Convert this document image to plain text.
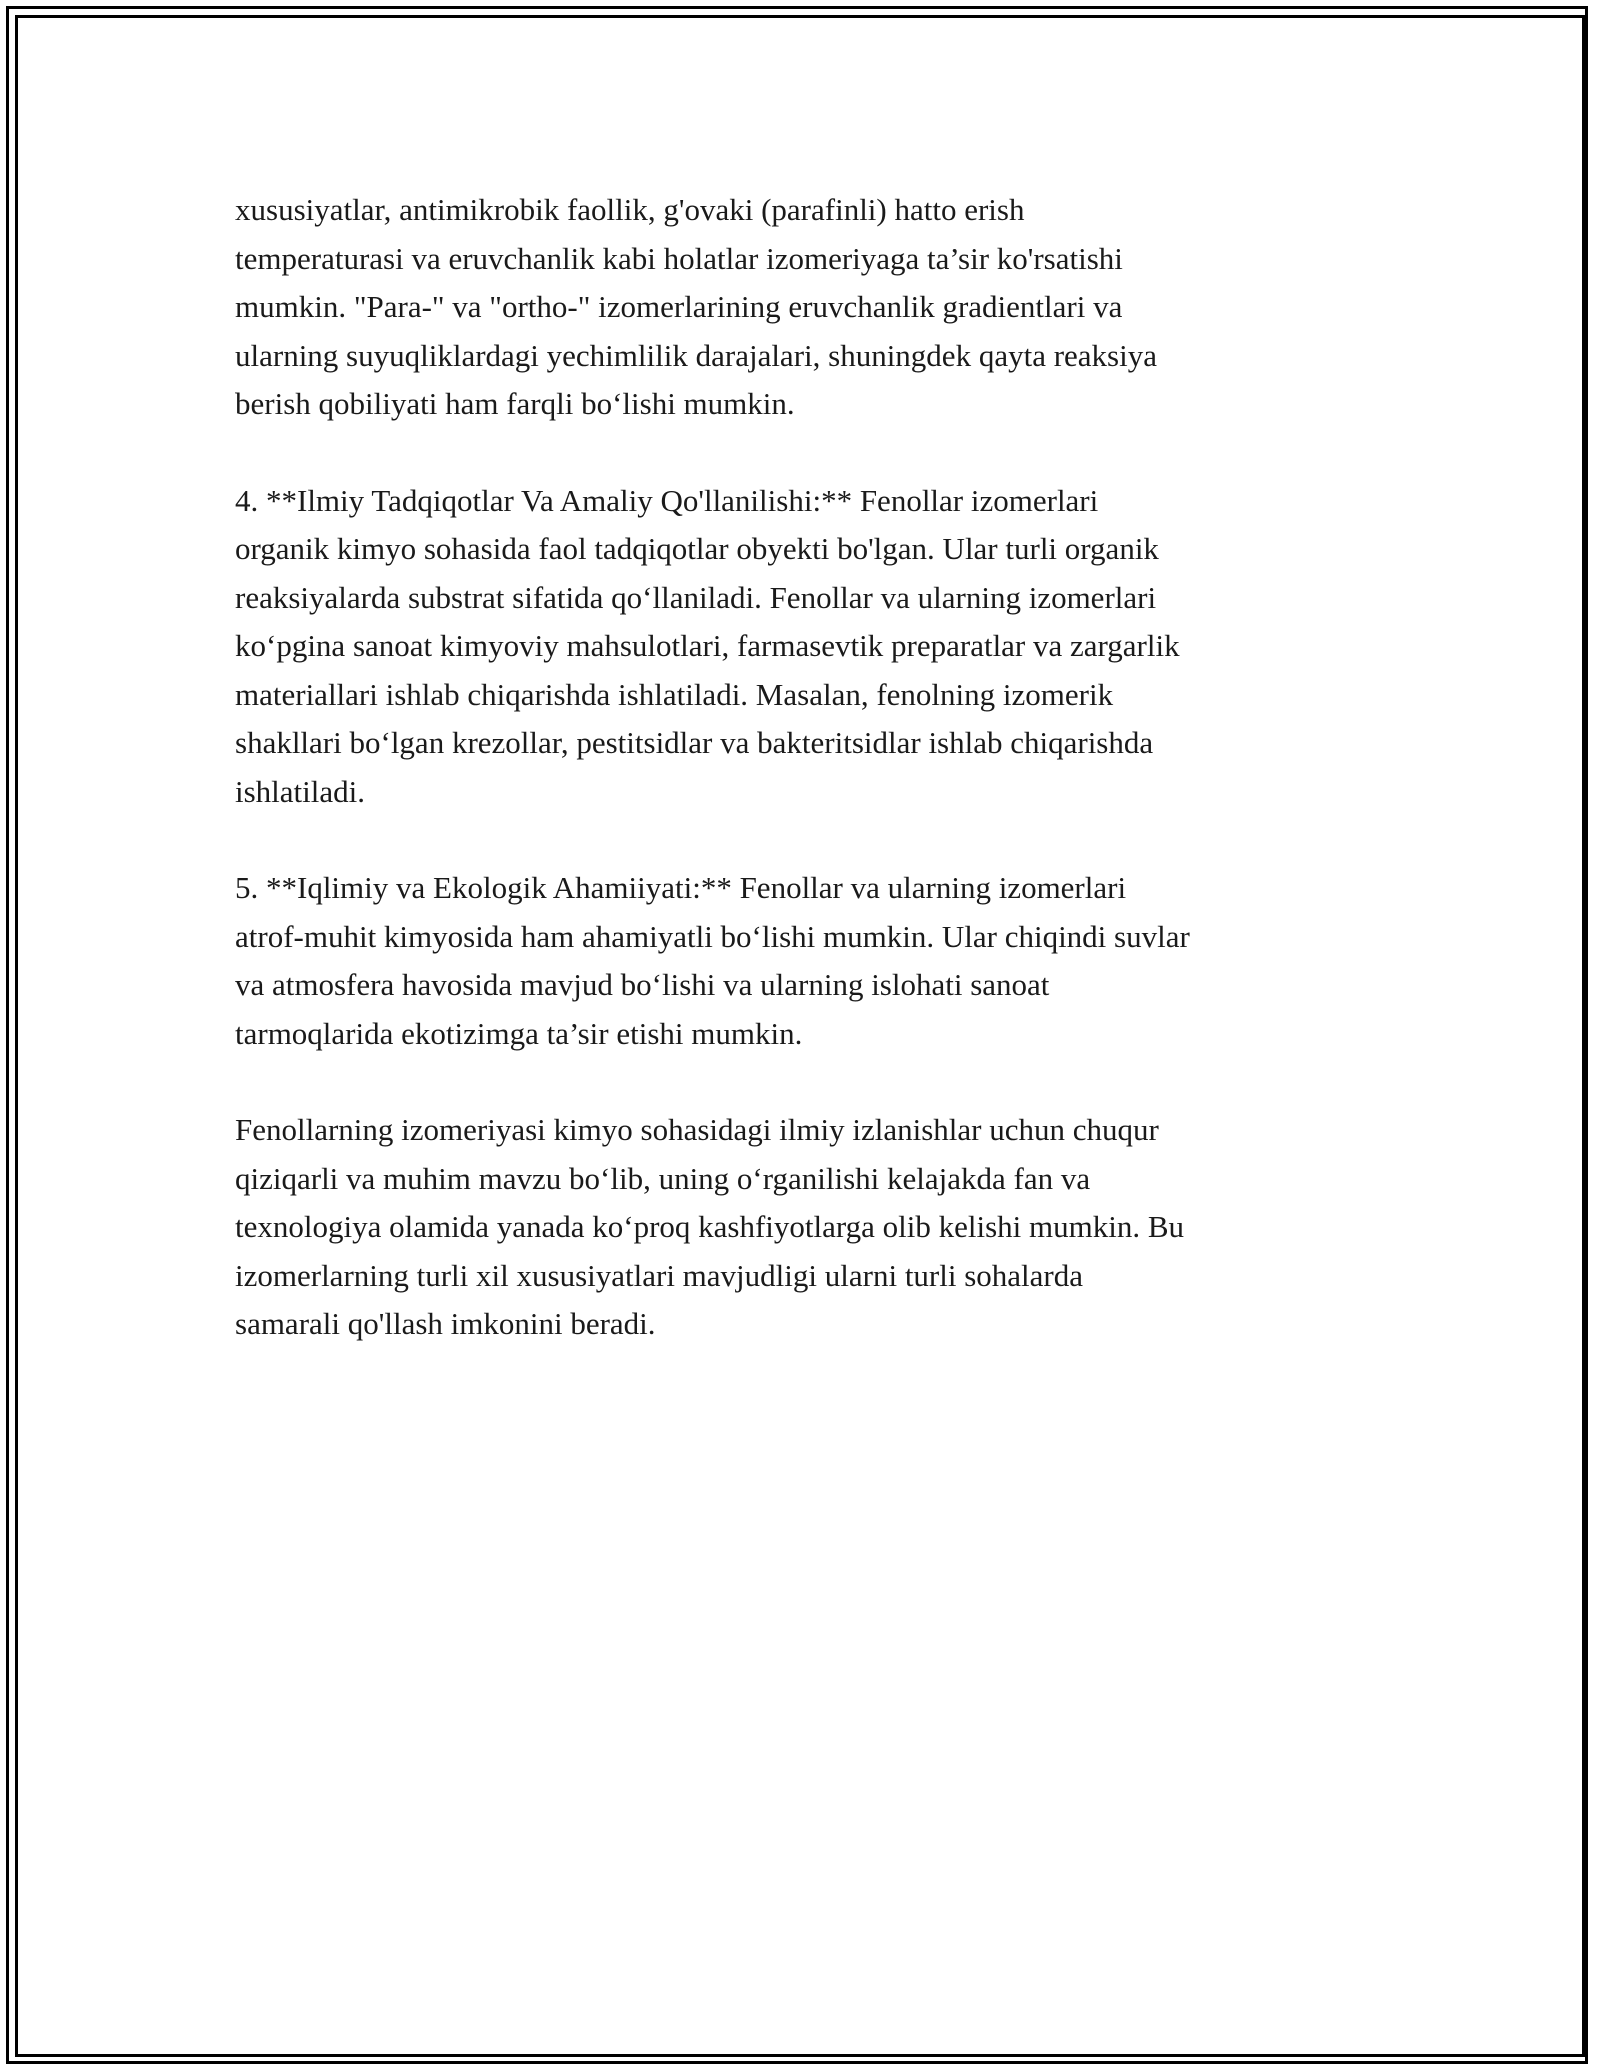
xususiyatlar, antimikrobik faollik, g'ovaki (parafinli) hatto erish
temperaturasi va eruvchanlik kabi holatlar izomeriyaga ta’sir ko'rsatishi
mumkin. "Para-" va "ortho-" izomerlarining eruvchanlik gradientlari va
ularning suyuqliklardagi yechimlilik darajalari, shuningdek qayta reaksiya
berish qobiliyati ham farqli bo‘lishi mumkin.

4. **Ilmiy Tadqiqotlar Va Amaliy Qo'llanilishi:** Fenollar izomerlari
organik kimyo sohasida faol tadqiqotlar obyekti bo'lgan. Ular turli organik
reaksiyalarda substrat sifatida qo‘llaniladi. Fenollar va ularning izomerlari
ko‘pgina sanoat kimyoviy mahsulotlari, farmasevtik preparatlar va zargarlik
materiallari ishlab chiqarishda ishlatiladi. Masalan, fenolning izomerik
shakllari bo‘lgan krezollar, pestitsidlar va bakteritsidlar ishlab chiqarishda
ishlatiladi.

5. **Iqlimiy va Ekologik Ahamiiyati:** Fenollar va ularning izomerlari
atrof-muhit kimyosida ham ahamiyatli bo‘lishi mumkin. Ular chiqindi suvlar
va atmosfera havosida mavjud bo‘lishi va ularning islohati sanoat
tarmoqlarida ekotizimga ta’sir etishi mumkin.

Fenollarning izomeriyasi kimyo sohasidagi ilmiy izlanishlar uchun chuqur
qiziqarli va muhim mavzu bo‘lib, uning o‘rganilishi kelajakda fan va
texnologiya olamida yanada ko‘proq kashfiyotlarga olib kelishi mumkin. Bu
izomerlarning turli xil xususiyatlari mavjudligi ularni turli sohalarda
samarali qo'llash imkonini beradi.
